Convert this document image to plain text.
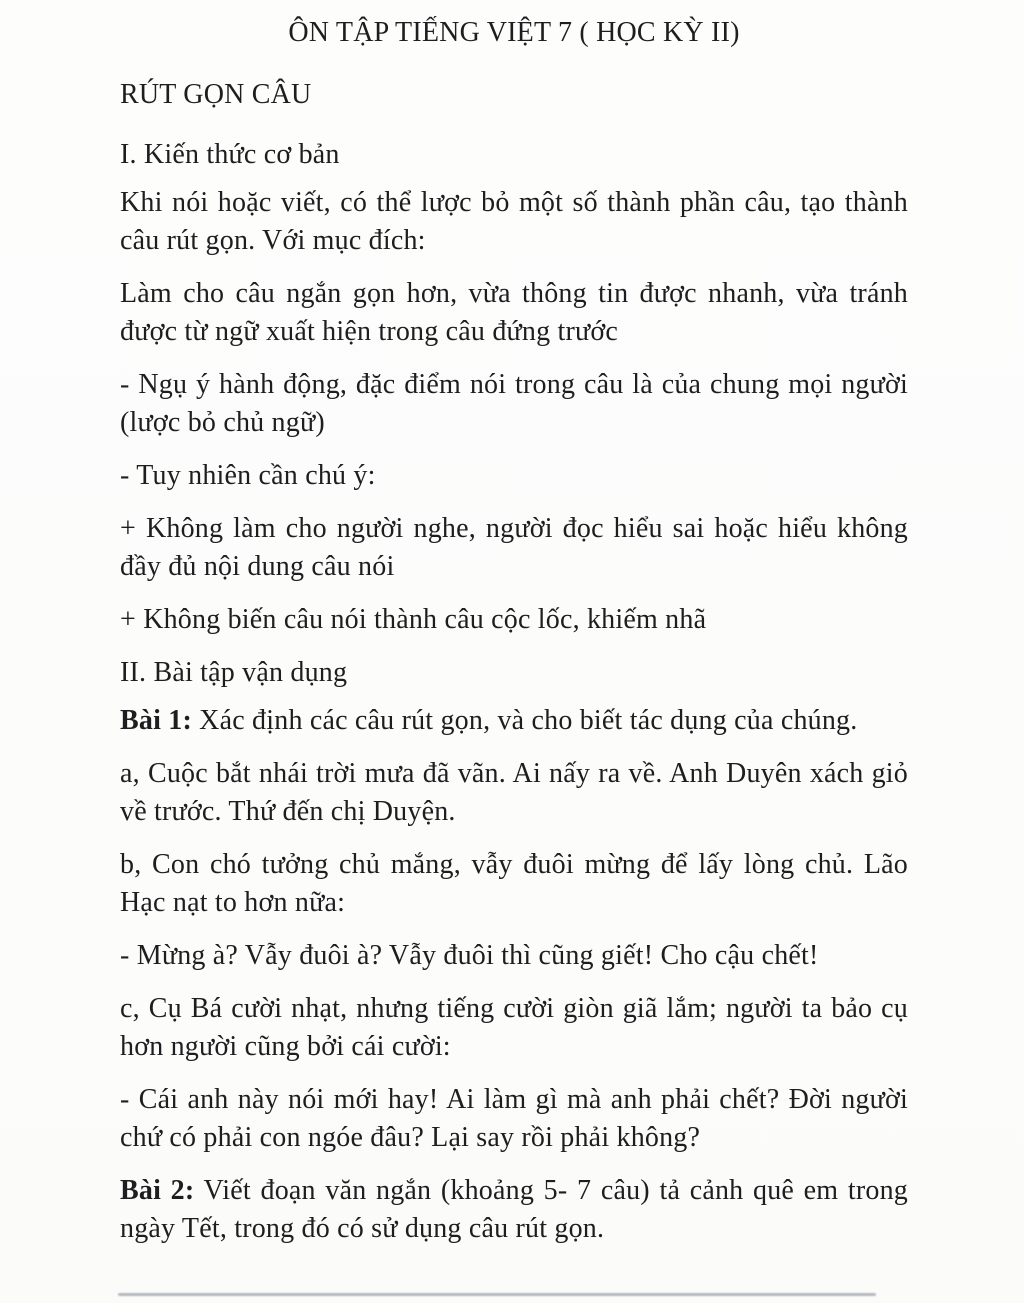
ÔN TẬP TIẾNG VIỆT 7 ( HỌC KỲ II)
RÚT GỌN CÂU
I. Kiến thức cơ bản
Khi nói hoặc viết, có thể lược bỏ một số thành phần câu, tạo thành câu rút gọn. Với mục đích:
Làm cho câu ngắn gọn hơn, vừa thông tin được nhanh, vừa tránh được từ ngữ xuất hiện trong câu đứng trước
- Ngụ ý hành động, đặc điểm nói trong câu là của chung mọi người (lược bỏ chủ ngữ)
- Tuy nhiên cần chú ý:
+ Không làm cho người nghe, người đọc hiểu sai hoặc hiểu không đầy đủ nội dung câu nói
+ Không biến câu nói thành câu cộc lốc, khiếm nhã
II. Bài tập vận dụng
Bài 1: Xác định các câu rút gọn, và cho biết tác dụng của chúng.
a, Cuộc bắt nhái trời mưa đã vãn. Ai nấy ra về. Anh Duyên xách giỏ về trước. Thứ đến chị Duyện.
b, Con chó tưởng chủ mắng, vẫy đuôi mừng để lấy lòng chủ. Lão Hạc nạt to hơn nữa:
- Mừng à? Vẫy đuôi à? Vẫy đuôi thì cũng giết! Cho cậu chết!
c, Cụ Bá cười nhạt, nhưng tiếng cười giòn giã lắm; người ta bảo cụ hơn người cũng bởi cái cười:
- Cái anh này nói mới hay! Ai làm gì mà anh phải chết? Đời người chứ có phải con ngóe đâu? Lại say rồi phải không?
Bài 2: Viết đoạn văn ngắn (khoảng 5- 7 câu) tả cảnh quê em trong ngày Tết, trong đó có sử dụng câu rút gọn.
